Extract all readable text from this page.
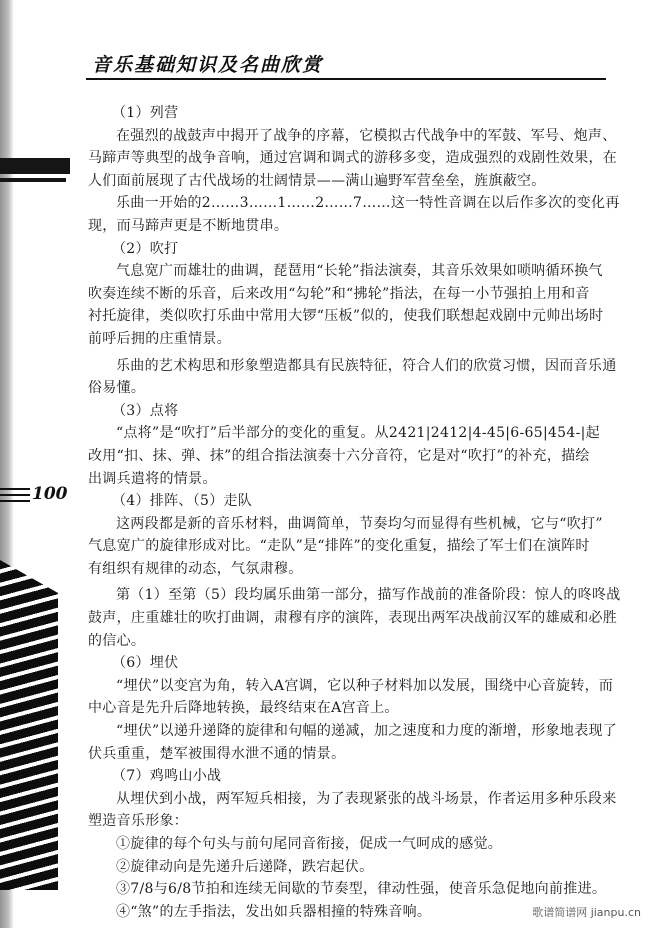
音乐基础知识及名曲欣赏
100
（1）列营
在强烈的战鼓声中揭开了战争的序幕，它模拟古代战争中的军鼓、军号、炮声、
马蹄声等典型的战争音响，通过宫调和调式的游移多变，造成强烈的戏剧性效果，在
人们面前展现了古代战场的壮阔情景——满山遍野军营垒垒，旌旗蔽空。
乐曲一开始的2……3……1……2……7……这一特性音调在以后作多次的变化再
现，而马蹄声更是不断地贯串。
（2）吹打
气息宽广而雄壮的曲调，琵琶用“长轮”指法演奏，其音乐效果如唢呐循环换气
吹奏连续不断的乐音，后来改用“勾轮”和“拂轮”指法，在每一小节强拍上用和音
衬托旋律，类似吹打乐曲中常用大锣“压板”似的，使我们联想起戏剧中元帅出场时
前呼后拥的庄重情景。
乐曲的艺术构思和形象塑造都具有民族特征，符合人们的欣赏习惯，因而音乐通
俗易懂。
（3）点将
“点将”是“吹打”后半部分的变化的重复。从2421|2412|4-45|6-65|454-|起
改用“扣、抹、弹、抹”的组合指法演奏十六分音符，它是对“吹打”的补充，描绘
出调兵遣将的情景。
（4）排阵、（5）走队
这两段都是新的音乐材料，曲调简单，节奏均匀而显得有些机械，它与“吹打”
气息宽广的旋律形成对比。“走队”是“排阵”的变化重复，描绘了军士们在演阵时
有组织有规律的动态，气氛肃穆。
第（1）至第（5）段均属乐曲第一部分，描写作战前的准备阶段：惊人的咚咚战
鼓声，庄重雄壮的吹打曲调，肃穆有序的演阵，表现出两军决战前汉军的雄威和必胜
的信心。
（6）埋伏
“埋伏”以变宫为角，转入A宫调，它以种子材料加以发展，围绕中心音旋转，而
中心音是先升后降地转换，最终结束在A宫音上。
“埋伏”以递升递降的旋律和句幅的递减，加之速度和力度的渐增，形象地表现了
伏兵重重，楚军被围得水泄不通的情景。
（7）鸡鸣山小战
从埋伏到小战，两军短兵相接，为了表现紧张的战斗场景，作者运用多种乐段来
塑造音乐形象：
①旋律的每个句头与前句尾同音衔接，促成一气呵成的感觉。
②旋律动向是先递升后递降，跌宕起伏。
③7/8与6/8节拍和连续无间歇的节奏型，律动性强，使音乐急促地向前推进。
④“煞”的左手指法，发出如兵器相撞的特殊音响。	歌谱简谱网 jianpu.cn
